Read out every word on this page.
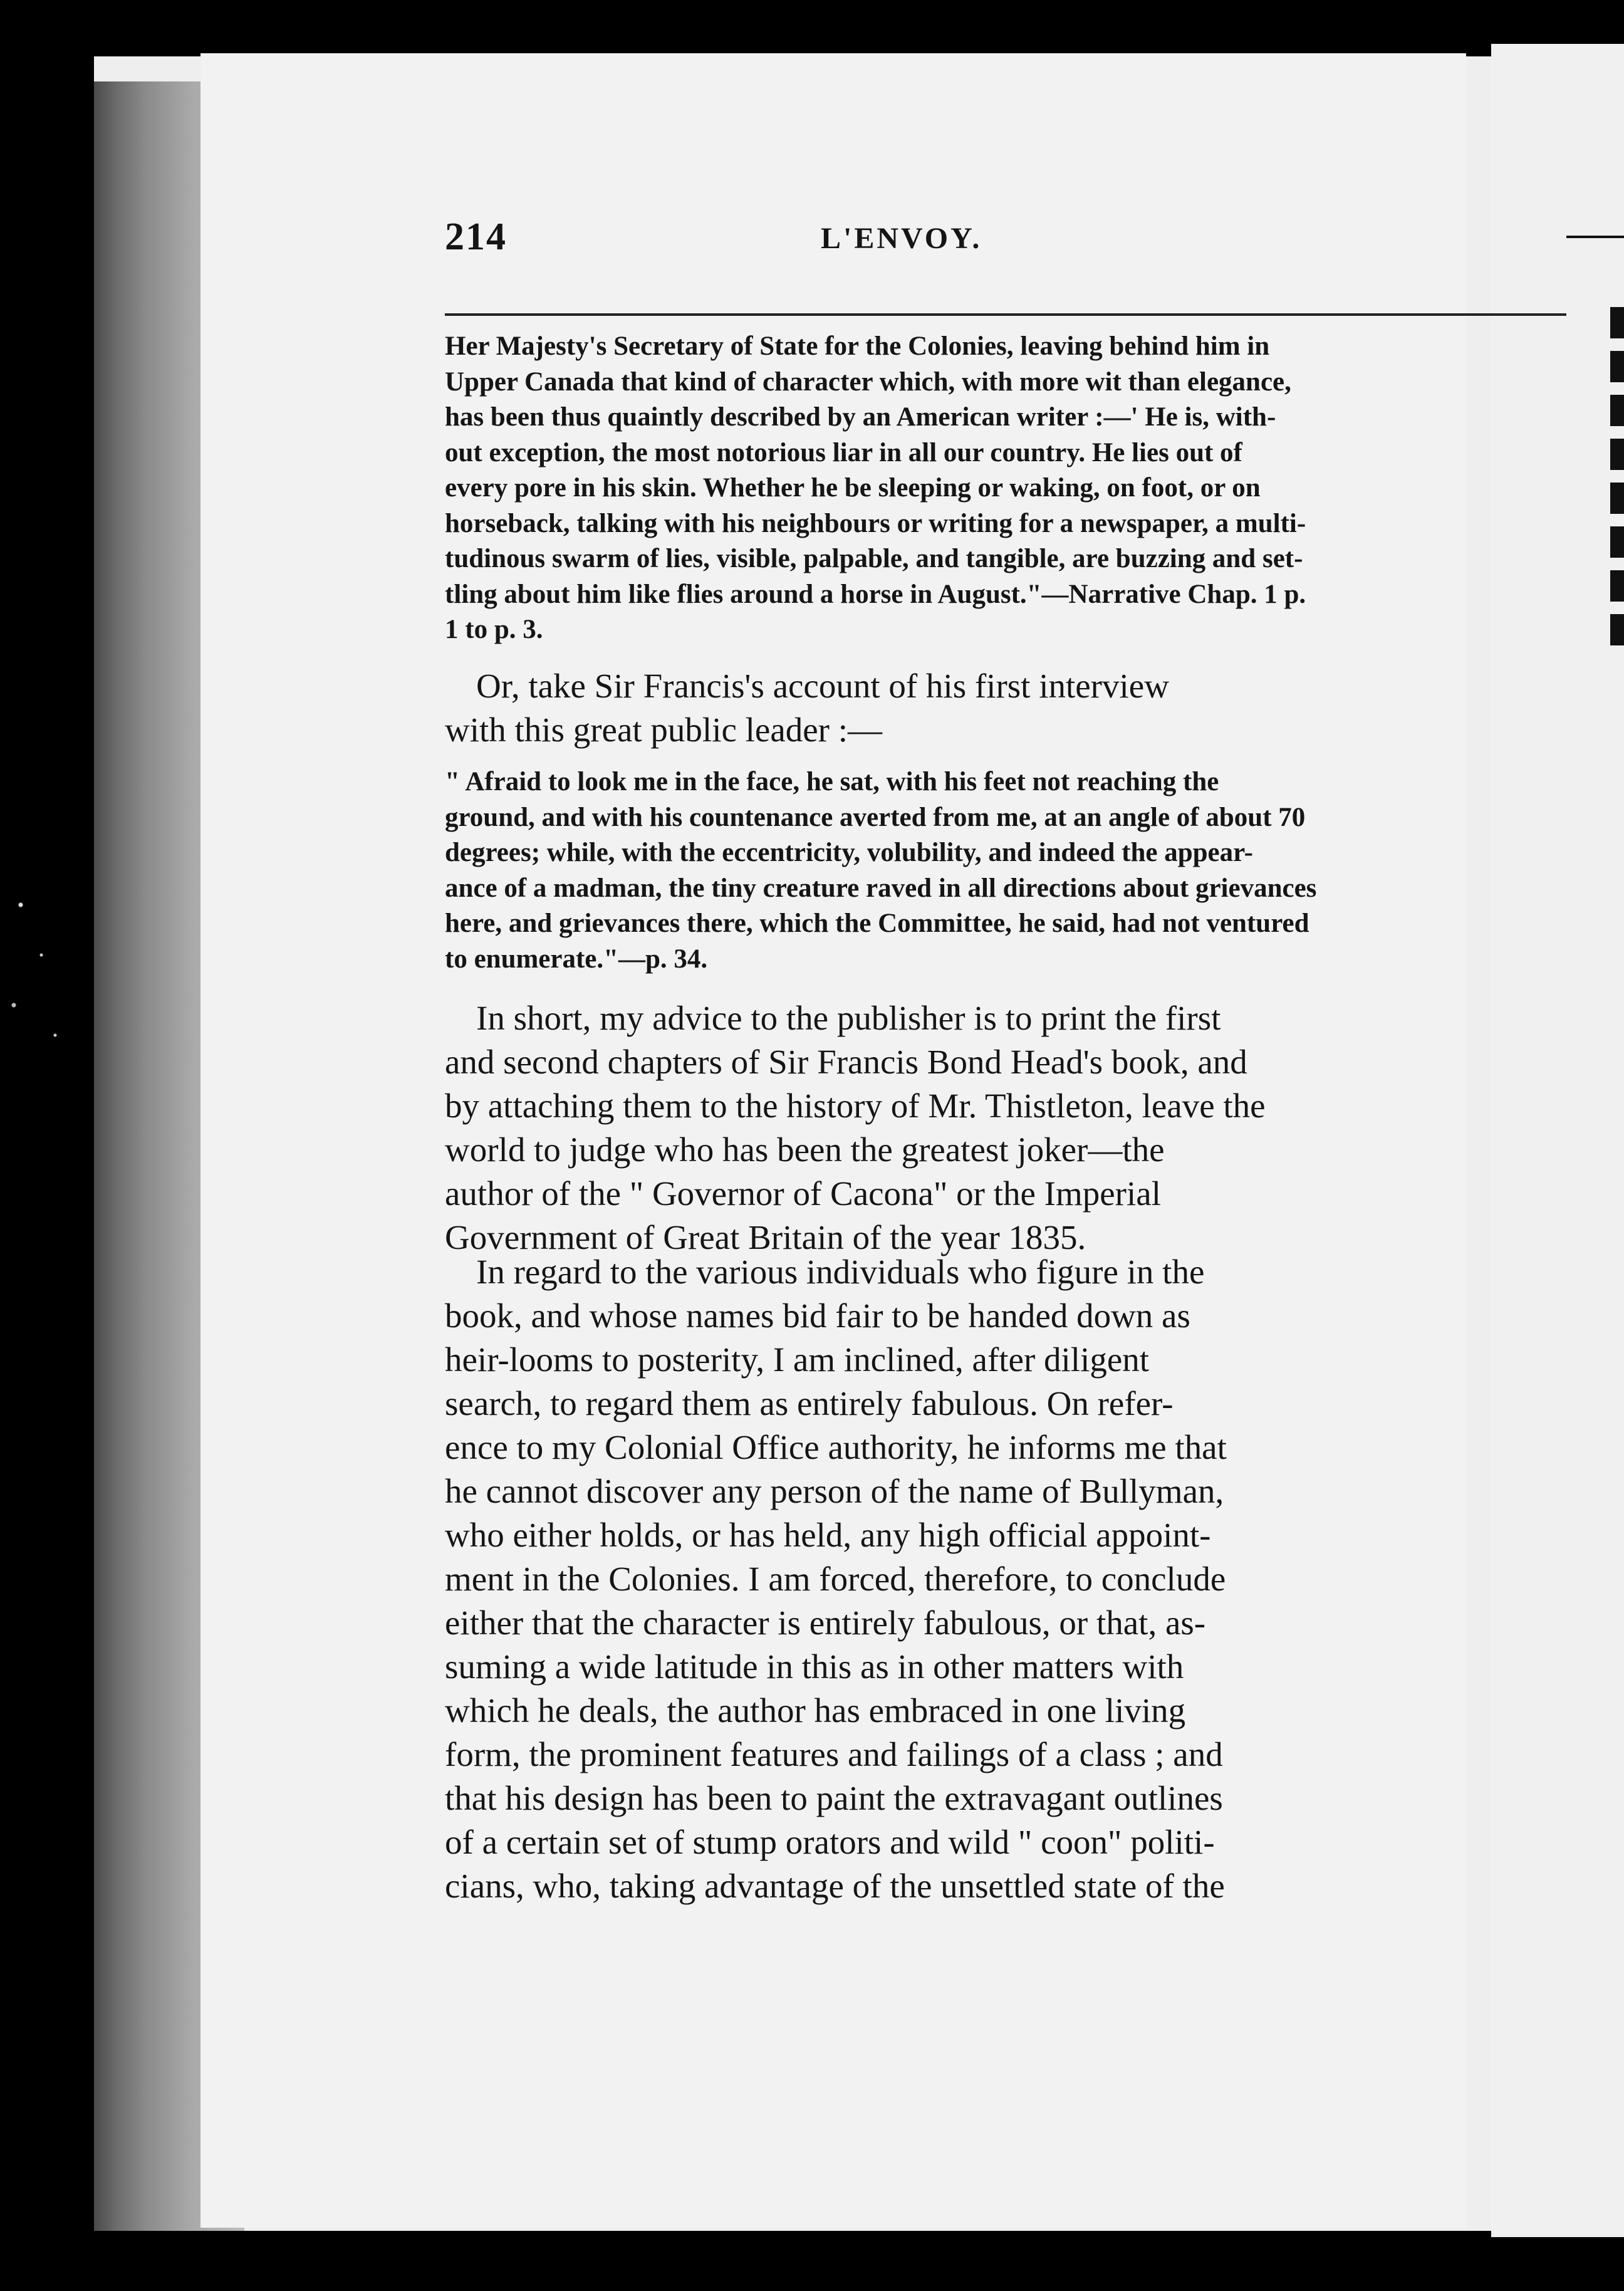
214	L'ENVOY.
Her Majesty's Secretary of State for the Colonies, leaving behind him in
Upper Canada that kind of character which, with more wit than elegance,
has been thus quaintly described by an American writer :—' He is, with-
out exception, the most notorious liar in all our country. He lies out of
every pore in his skin. Whether he be sleeping or waking, on foot, or on
horseback, talking with his neighbours or writing for a newspaper, a multi-
tudinous swarm of lies, visible, palpable, and tangible, are buzzing and set-
tling about him like flies around a horse in August."—Narrative Chap. 1 p.
1 to p. 3.
Or, take Sir Francis's account of his first interview
with this great public leader :—
" Afraid to look me in the face, he sat, with his feet not reaching the
ground, and with his countenance averted from me, at an angle of about 70
degrees; while, with the eccentricity, volubility, and indeed the appear-
ance of a madman, the tiny creature raved in all directions about grievances
here, and grievances there, which the Committee, he said, had not ventured
to enumerate."—p. 34.
In short, my advice to the publisher is to print the first
and second chapters of Sir Francis Bond Head's book, and
by attaching them to the history of Mr. Thistleton, leave the
world to judge who has been the greatest joker—the
author of the " Governor of Cacona" or the Imperial
Government of Great Britain of the year 1835.
In regard to the various individuals who figure in the
book, and whose names bid fair to be handed down as
heir-looms to posterity, I am inclined, after diligent
search, to regard them as entirely fabulous. On refer-
ence to my Colonial Office authority, he informs me that
he cannot discover any person of the name of Bullyman,
who either holds, or has held, any high official appoint-
ment in the Colonies. I am forced, therefore, to conclude
either that the character is entirely fabulous, or that, as-
suming a wide latitude in this as in other matters with
which he deals, the author has embraced in one living
form, the prominent features and failings of a class ; and
that his design has been to paint the extravagant outlines
of a certain set of stump orators and wild " coon" politi-
cians, who, taking advantage of the unsettled state of the
